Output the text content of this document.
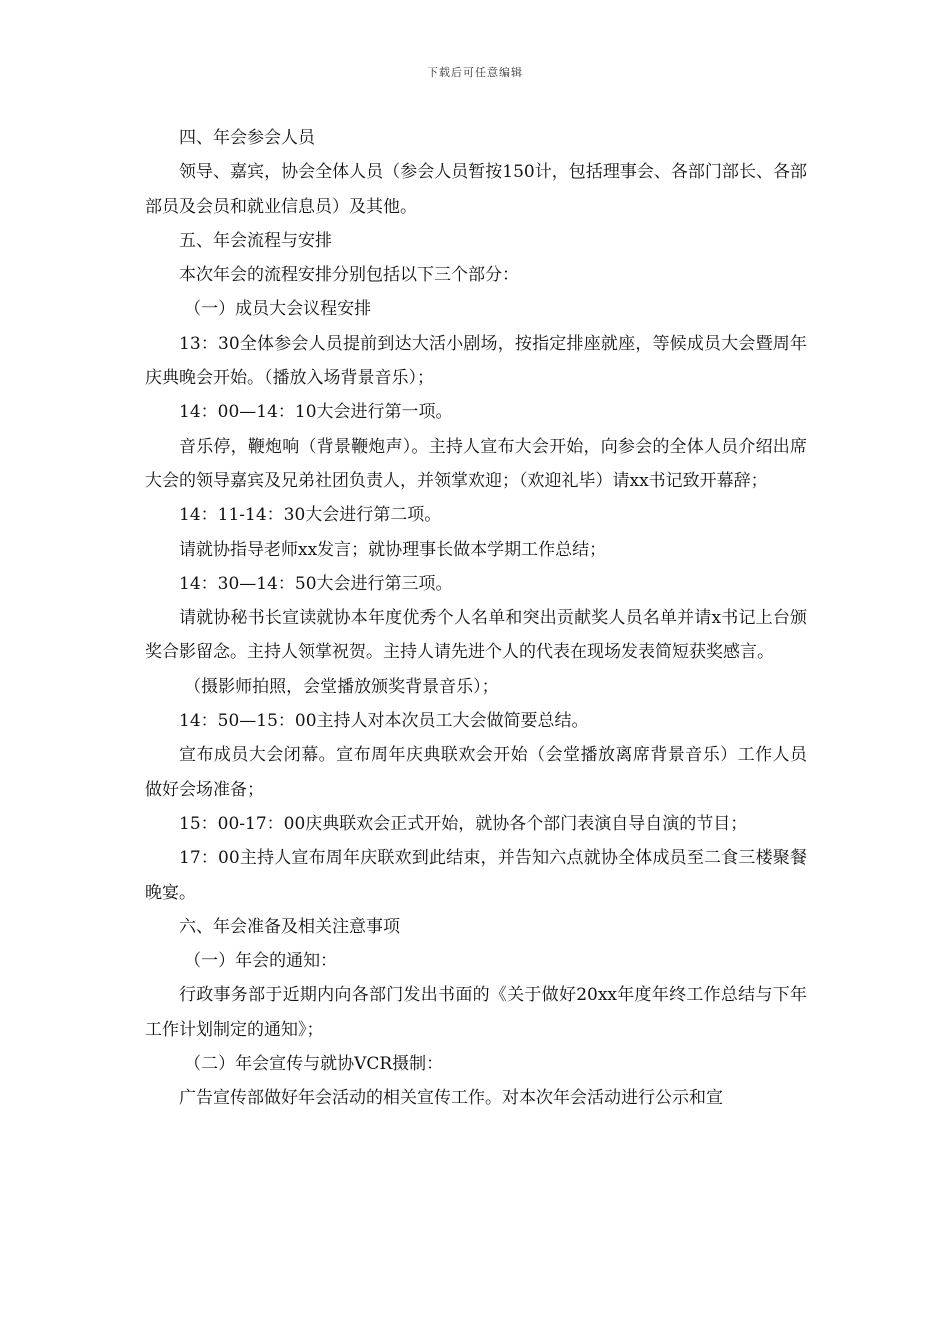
下载后可任意编辑

四、年会参会人员

领导、嘉宾，协会全体人员（参会人员暂按150计，包括理事会、各部门部长、各部部员及会员和就业信息员）及其他。

五、年会流程与安排

本次年会的流程安排分别包括以下三个部分：

（一）成员大会议程安排

13：30全体参会人员提前到达大活小剧场，按指定排座就座，等候成员大会暨周年庆典晚会开始。（播放入场背景音乐）；

14：00—14：10大会进行第一项。

音乐停，鞭炮响（背景鞭炮声）。主持人宣布大会开始，向参会的全体人员介绍出席大会的领导嘉宾及兄弟社团负责人，并领掌欢迎；（欢迎礼毕）请xx书记致开幕辞；

14：11-14：30大会进行第二项。

请就协指导老师xx发言；就协理事长做本学期工作总结；

14：30—14：50大会进行第三项。

请就协秘书长宣读就协本年度优秀个人名单和突出贡献奖人员名单并请x书记上台颁奖合影留念。主持人领掌祝贺。主持人请先进个人的代表在现场发表简短获奖感言。

（摄影师拍照，会堂播放颁奖背景音乐）；

14：50—15：00主持人对本次员工大会做简要总结。

宣布成员大会闭幕。宣布周年庆典联欢会开始（会堂播放离席背景音乐）工作人员做好会场准备；

15：00-17：00庆典联欢会正式开始，就协各个部门表演自导自演的节目；

17：00主持人宣布周年庆联欢到此结束，并告知六点就协全体成员至二食三楼聚餐晚宴。

六、年会准备及相关注意事项

（一）年会的通知：

行政事务部于近期内向各部门发出书面的《关于做好20xx年度年终工作总结与下年工作计划制定的通知》；

（二）年会宣传与就协VCR摄制：

广告宣传部做好年会活动的相关宣传工作。对本次年会活动进行公示和宣
